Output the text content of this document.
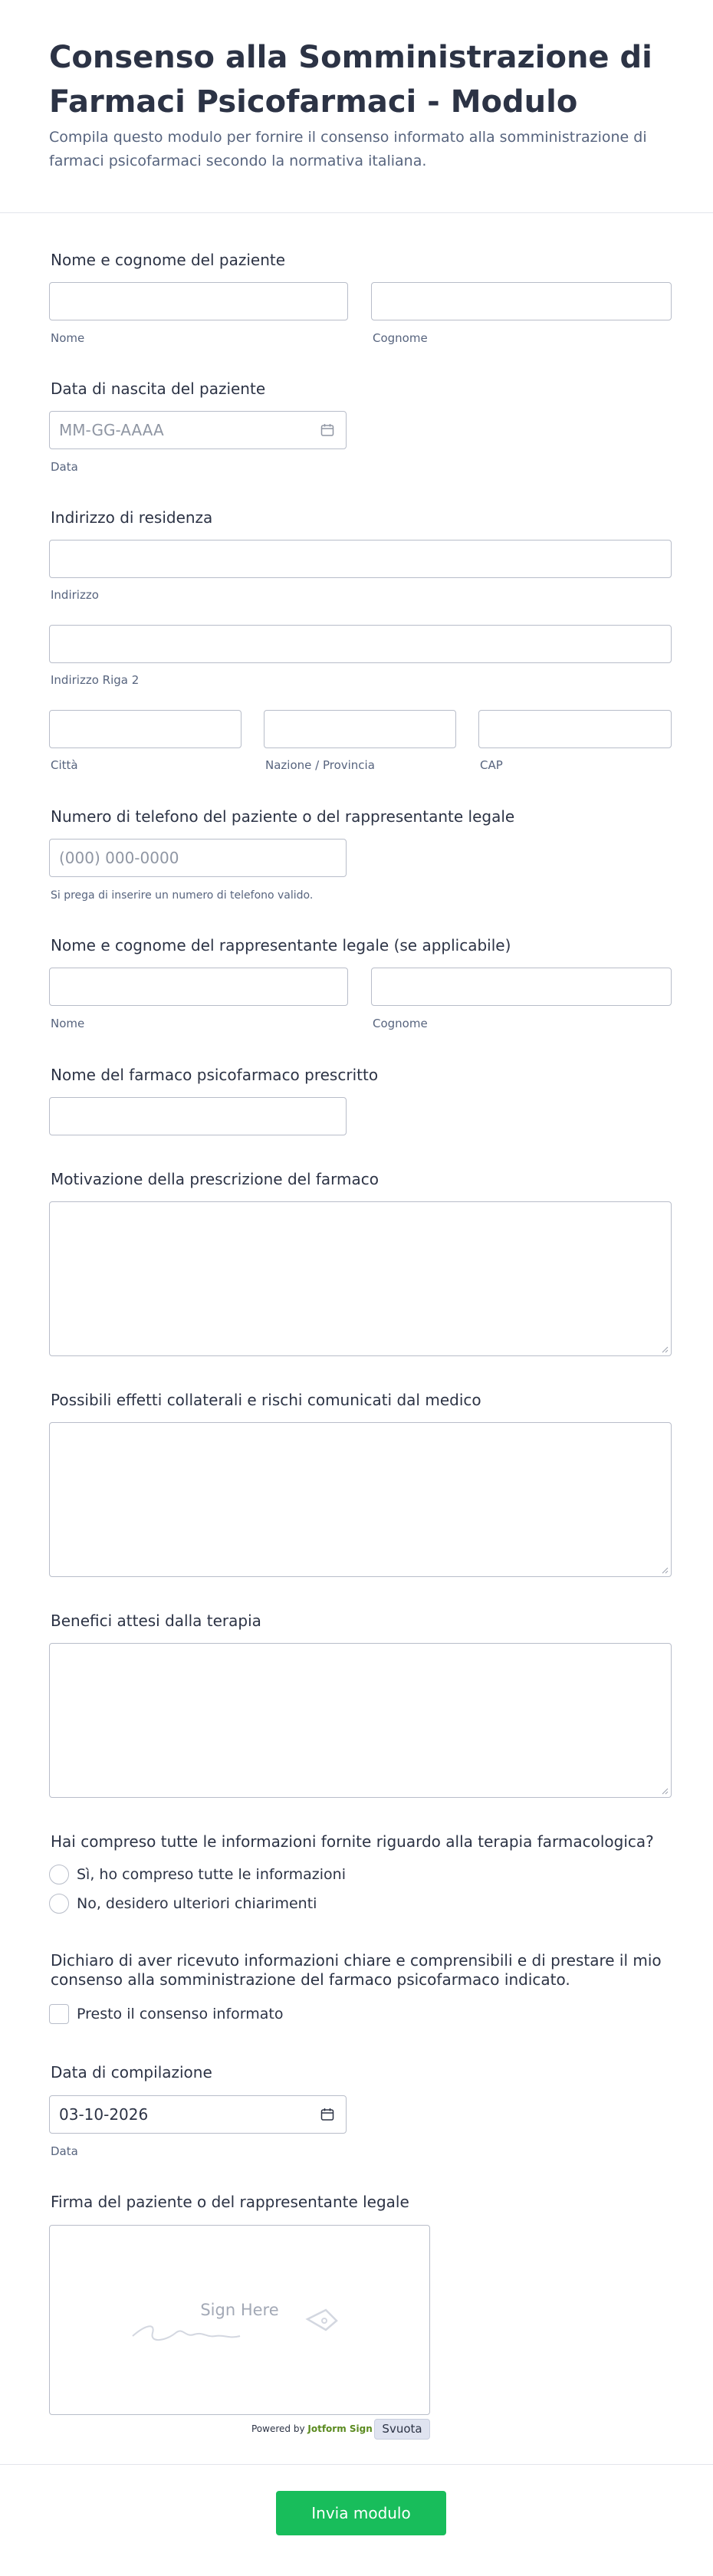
Consenso alla Somministrazione di Farmaci Psicofarmaci - Modulo
Compila questo modulo per fornire il consenso informato alla somministrazione di farmaci psicofarmaci secondo la normativa italiana.
Nome e cognome del paziente
Nome	Cognome
Data di nascita del paziente
MM-GG-AAAA
Data
Indirizzo di residenza
Indirizzo
Indirizzo Riga 2
Città	Nazione / Provincia	CAP
Numero di telefono del paziente o del rappresentante legale
(000) 000-0000
Si prega di inserire un numero di telefono valido.
Nome e cognome del rappresentante legale (se applicabile)
Nome	Cognome
Nome del farmaco psicofarmaco prescritto
Motivazione della prescrizione del farmaco
Possibili effetti collaterali e rischi comunicati dal medico
Benefici attesi dalla terapia
Hai compreso tutte le informazioni fornite riguardo alla terapia farmacologica?
Sì, ho compreso tutte le informazioni
No, desidero ulteriori chiarimenti
Dichiaro di aver ricevuto informazioni chiare e comprensibili e di prestare il mio consenso alla somministrazione del farmaco psicofarmaco indicato.
Presto il consenso informato
Data di compilazione
03-10-2026
Data
Firma del paziente o del rappresentante legale
Sign Here
Powered by Jotform Sign Svuota
Invia modulo
